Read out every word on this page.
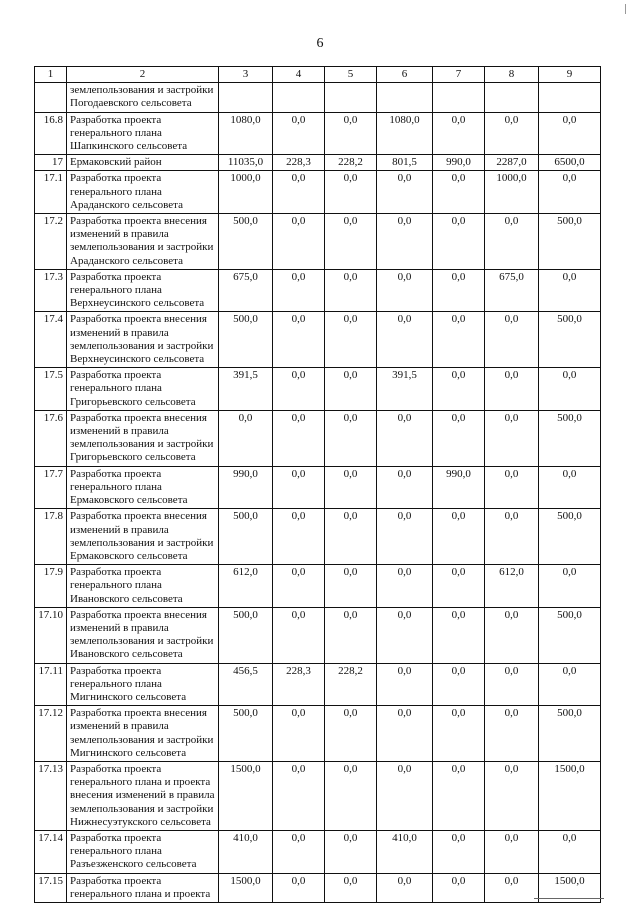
6
1	2	3	4	5	6	7	8	9

	землепользования и застройки
Погодаевского сельсовета							

16.8	Разработка проекта
генерального плана
Шапкинского сельсовета	1080,0	0,0	0,0	1080,0	0,0	0,0	0,0
17	Ермаковский район	11035,0	228,3	228,2	801,5	990,0	2287,0	6500,0
17.1	Разработка проекта
генерального плана
Араданского сельсовета	1000,0	0,0	0,0	0,0	0,0	1000,0	0,0
17.2	Разработка проекта внесения
изменений в правила
землепользования и застройки
Араданского сельсовета	500,0	0,0	0,0	0,0	0,0	0,0	500,0
17.3	Разработка проекта
генерального плана
Верхнеусинского сельсовета	675,0	0,0	0,0	0,0	0,0	675,0	0,0
17.4	Разработка проекта внесения
изменений в правила
землепользования и застройки
Верхнеусинского сельсовета	500,0	0,0	0,0	0,0	0,0	0,0	500,0
17.5	Разработка проекта
генерального плана
Григорьевского сельсовета	391,5	0,0	0,0	391,5	0,0	0,0	0,0
17.6	Разработка проекта внесения
изменений в правила
землепользования и застройки
Григорьевского сельсовета	0,0	0,0	0,0	0,0	0,0	0,0	500,0
17.7	Разработка проекта
генерального плана
Ермаковского сельсовета	990,0	0,0	0,0	0,0	990,0	0,0	0,0
17.8	Разработка проекта внесения
изменений в правила
землепользования и застройки
Ермаковского сельсовета	500,0	0,0	0,0	0,0	0,0	0,0	500,0
17.9	Разработка проекта
генерального плана
Ивановского сельсовета	612,0	0,0	0,0	0,0	0,0	612,0	0,0
17.10	Разработка проекта внесения
изменений в правила
землепользования и застройки
Ивановского сельсовета	500,0	0,0	0,0	0,0	0,0	0,0	500,0
17.11	Разработка проекта
генерального плана
Мигнинского сельсовета	456,5	228,3	228,2	0,0	0,0	0,0	0,0
17.12	Разработка проекта внесения
изменений в правила
землепользования и застройки
Мигнинского сельсовета	500,0	0,0	0,0	0,0	0,0	0,0	500,0
17.13	Разработка проекта
генерального плана и проекта
внесения изменений в правила
землепользования и застройки
Нижнесуэтукского сельсовета	1500,0	0,0	0,0	0,0	0,0	0,0	1500,0
17.14	Разработка проекта
генерального плана
Разъезженского сельсовета	410,0	0,0	0,0	410,0	0,0	0,0	0,0
17.15	Разработка проекта
генерального плана и проекта	1500,0	0,0	0,0	0,0	0,0	0,0	1500,0
